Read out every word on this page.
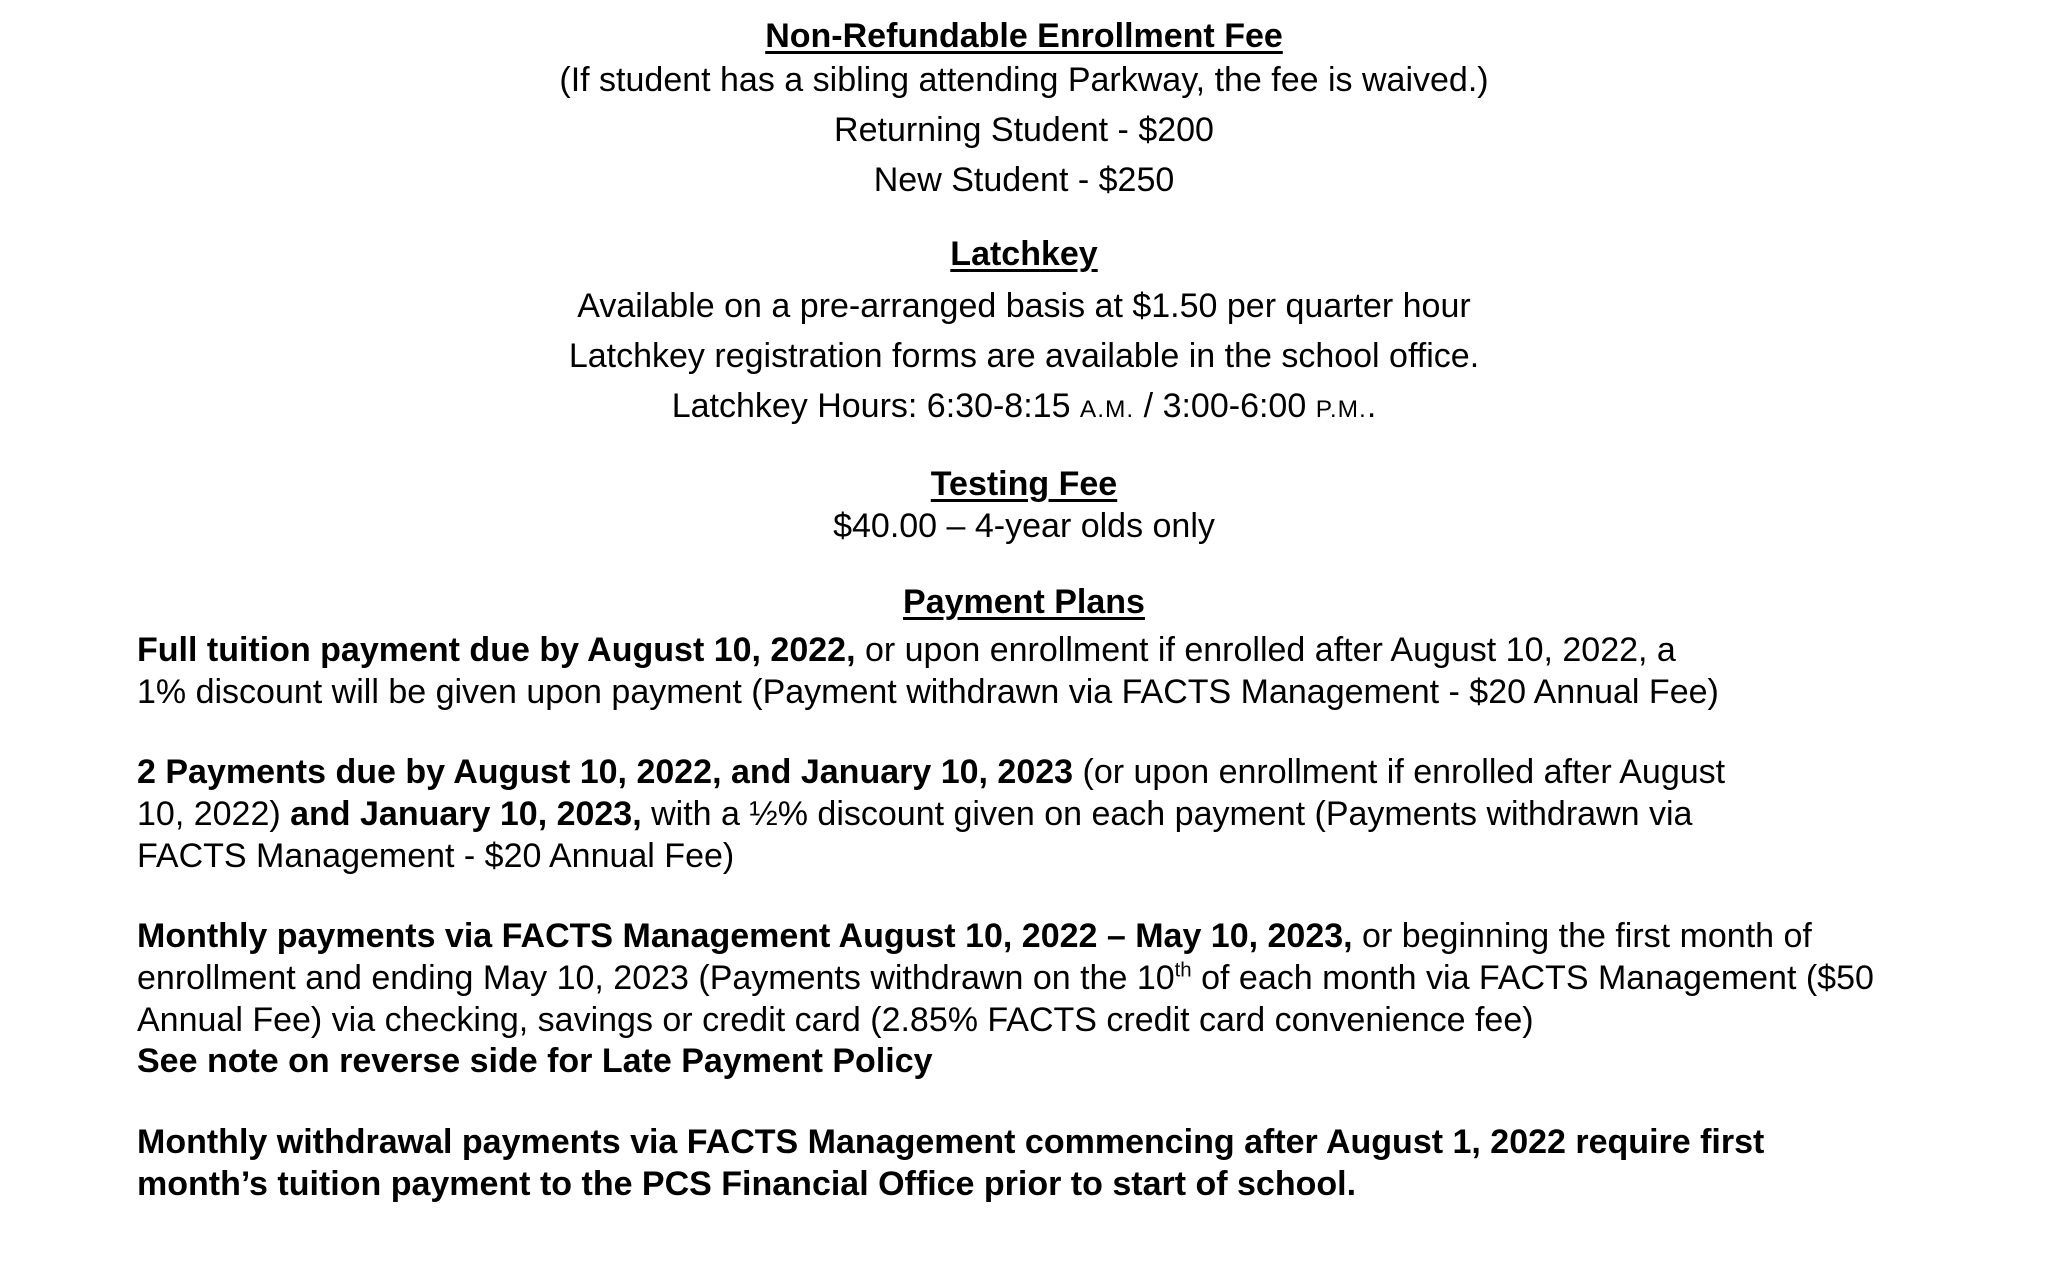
Non-Refundable Enrollment Fee
(If student has a sibling attending Parkway, the fee is waived.)
Returning Student - $200
New Student - $250
Latchkey
Available on a pre-arranged basis at $1.50 per quarter hour
Latchkey registration forms are available in the school office.
Latchkey Hours: 6:30-8:15 A.M. / 3:00-6:00 P.M..
Testing Fee
$40.00 – 4-year olds only
Payment Plans
Full tuition payment due by August 10, 2022, or upon enrollment if enrolled after August 10, 2022, a
1% discount will be given upon payment (Payment withdrawn via FACTS Management - $20 Annual Fee)
2 Payments due by August 10, 2022, and January 10, 2023 (or upon enrollment if enrolled after August
10, 2022) and January 10, 2023, with a ½% discount given on each payment (Payments withdrawn via
FACTS Management - $20 Annual Fee)
Monthly payments via FACTS Management August 10, 2022 – May 10, 2023, or beginning the first month of
enrollment and ending May 10, 2023 (Payments withdrawn on the 10th of each month via FACTS Management ($50
Annual Fee) via checking, savings or credit card (2.85% FACTS credit card convenience fee)
See note on reverse side for Late Payment Policy
Monthly withdrawal payments via FACTS Management commencing after August 1, 2022 require first
month’s tuition payment to the PCS Financial Office prior to start of school.
